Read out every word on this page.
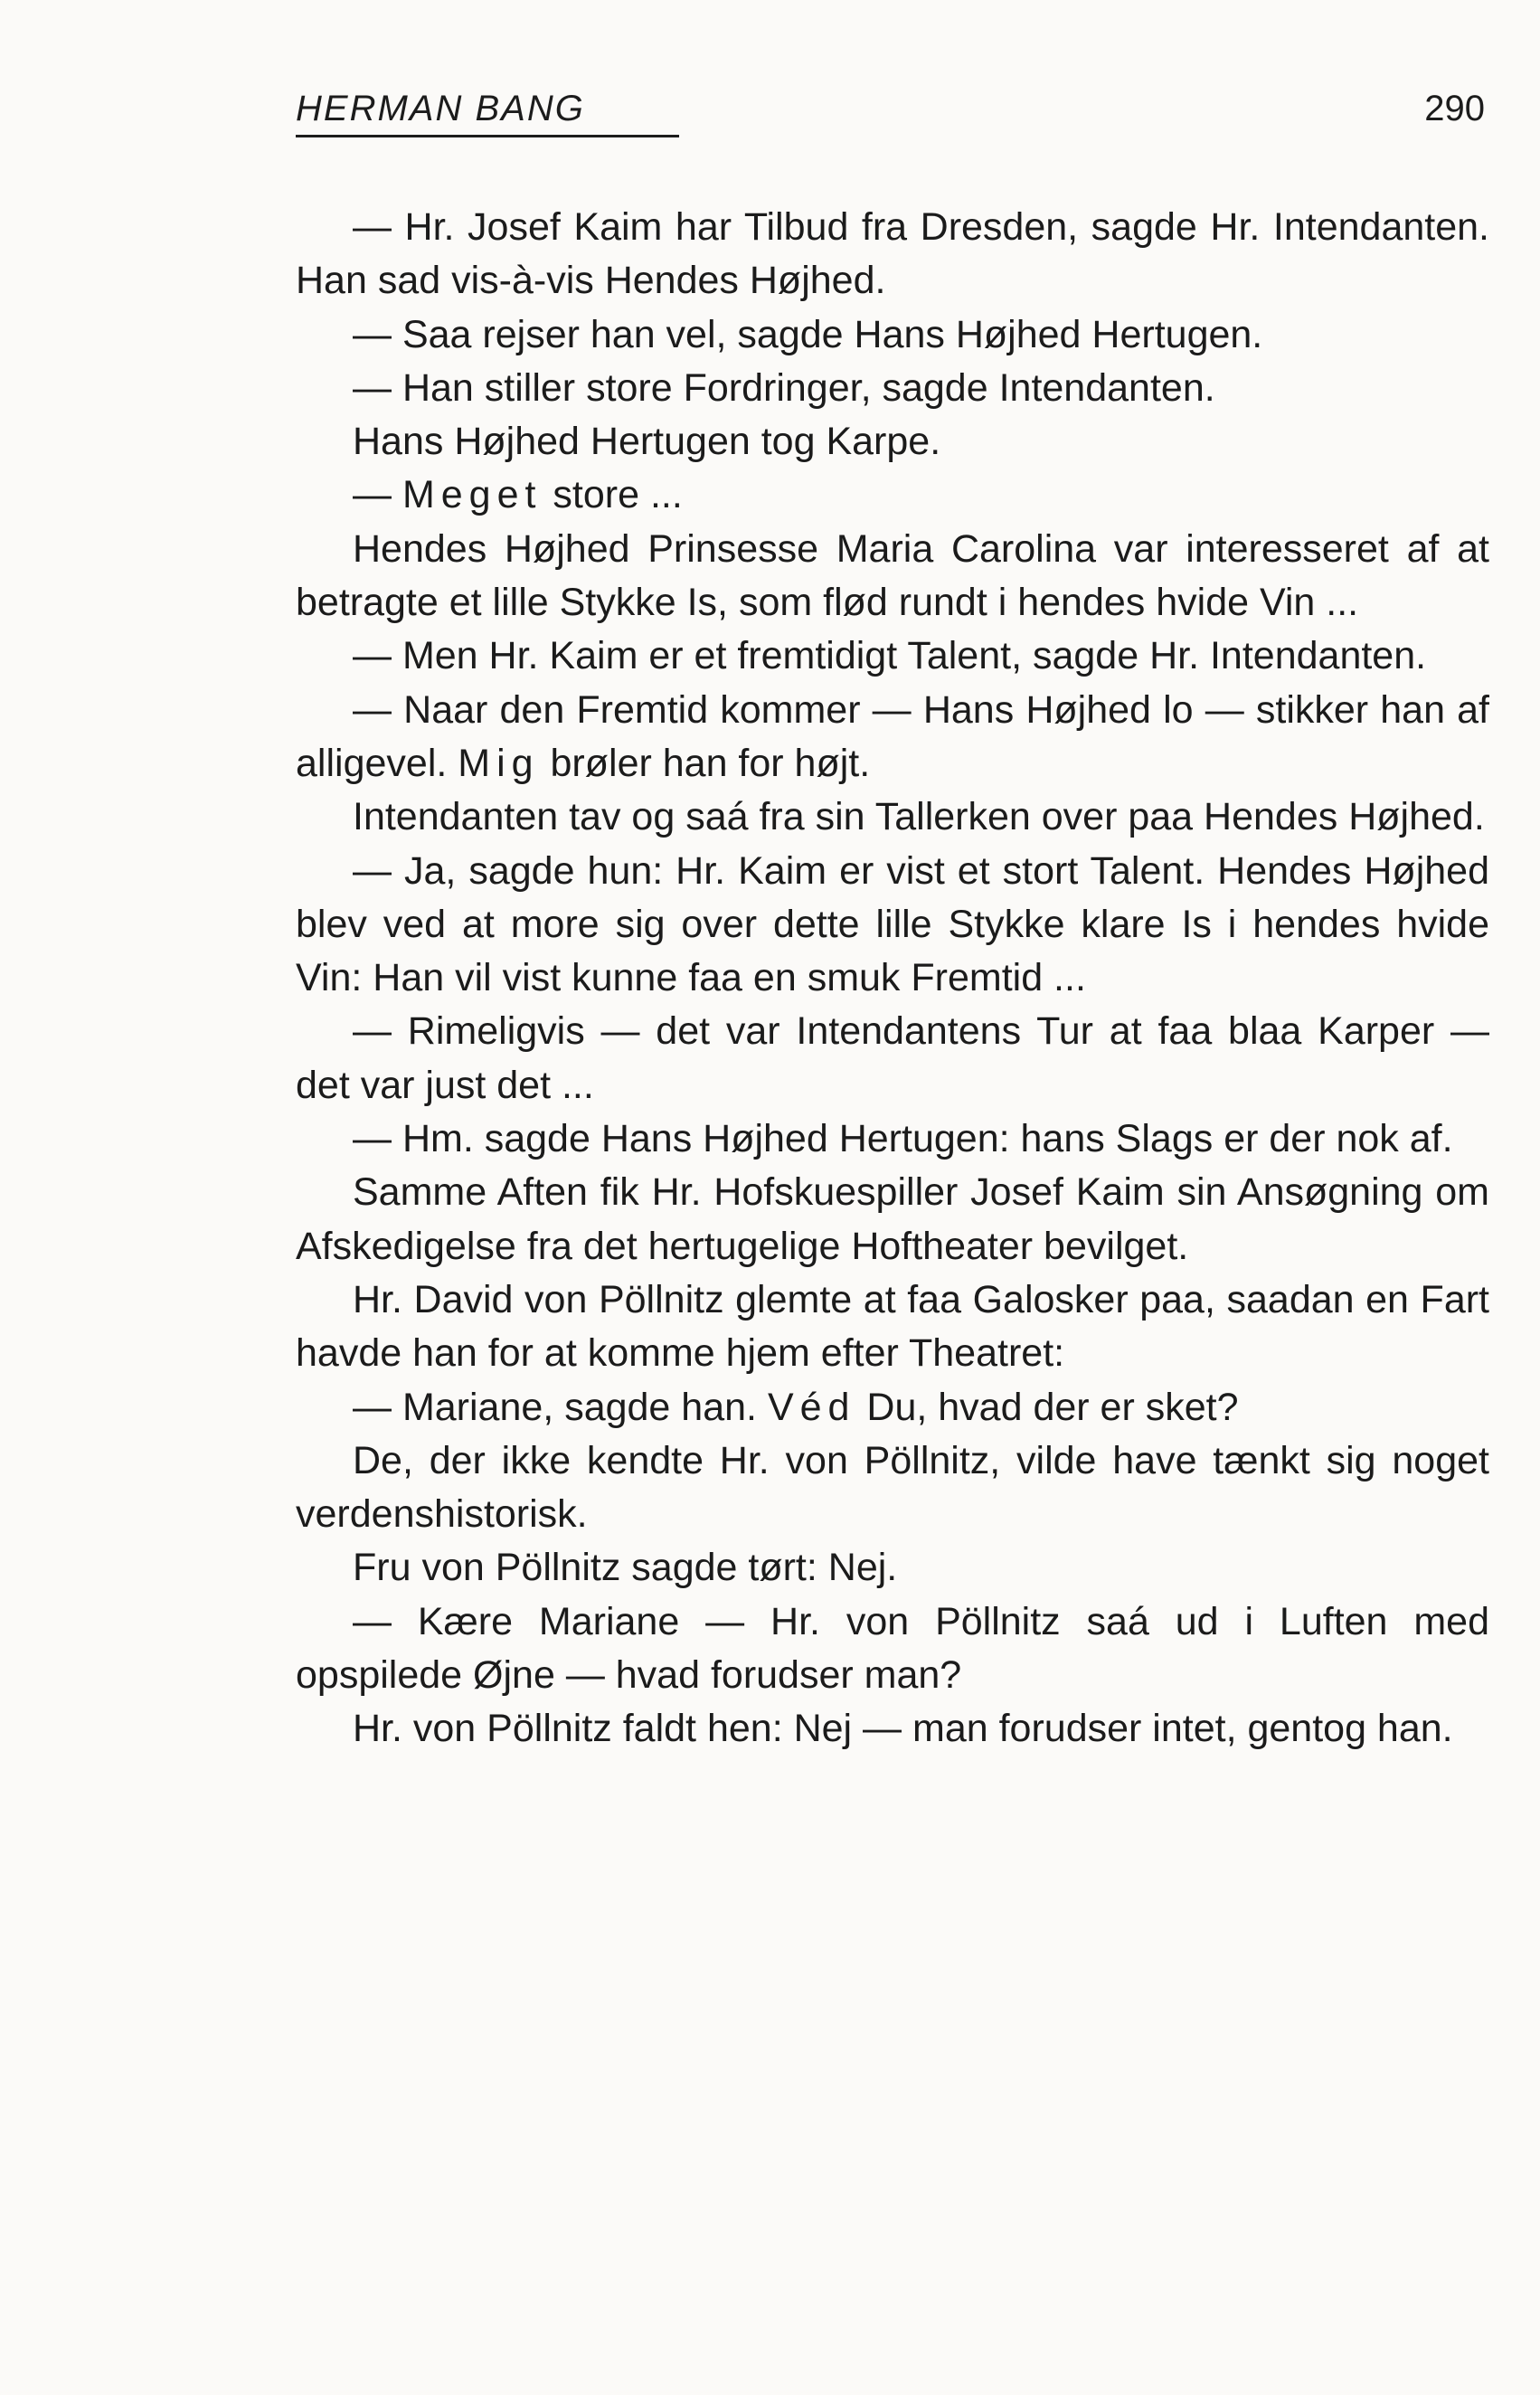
HERMAN BANG	290

— Hr. Josef Kaim har Tilbud fra Dresden, sagde Hr. Intendanten. Han sad vis-à-vis Hendes Højhed.

— Saa rejser han vel, sagde Hans Højhed Hertugen.

— Han stiller store Fordringer, sagde Intendanten.

Hans Højhed Hertugen tog Karpe.

— Meget store ...

Hendes Højhed Prinsesse Maria Carolina var interesseret af at betragte et lille Stykke Is, som flød rundt i hendes hvide Vin ...

— Men Hr. Kaim er et fremtidigt Talent, sagde Hr. Intendanten.

— Naar den Fremtid kommer — Hans Højhed lo — stikker han af alligevel. Mig brøler han for højt.

Intendanten tav og saá fra sin Tallerken over paa Hendes Højhed.

— Ja, sagde hun: Hr. Kaim er vist et stort Talent. Hendes Højhed blev ved at more sig over dette lille Stykke klare Is i hendes hvide Vin: Han vil vist kunne faa en smuk Fremtid ...

— Rimeligvis — det var Intendantens Tur at faa blaa Karper — det var just det ...

— Hm. sagde Hans Højhed Hertugen: hans Slags er der nok af.

Samme Aften fik Hr. Hofskuespiller Josef Kaim sin Ansøgning om Afskedigelse fra det hertugelige Hoftheater bevilget.

Hr. David von Pöllnitz glemte at faa Galosker paa, saadan en Fart havde han for at komme hjem efter Theatret:

— Mariane, sagde han. Véd Du, hvad der er sket?

De, der ikke kendte Hr. von Pöllnitz, vilde have tænkt sig noget verdenshistorisk.

Fru von Pöllnitz sagde tørt: Nej.

— Kære Mariane — Hr. von Pöllnitz saá ud i Luften med opspilede Øjne — hvad forudser man?

Hr. von Pöllnitz faldt hen: Nej — man forudser intet, gentog han.
